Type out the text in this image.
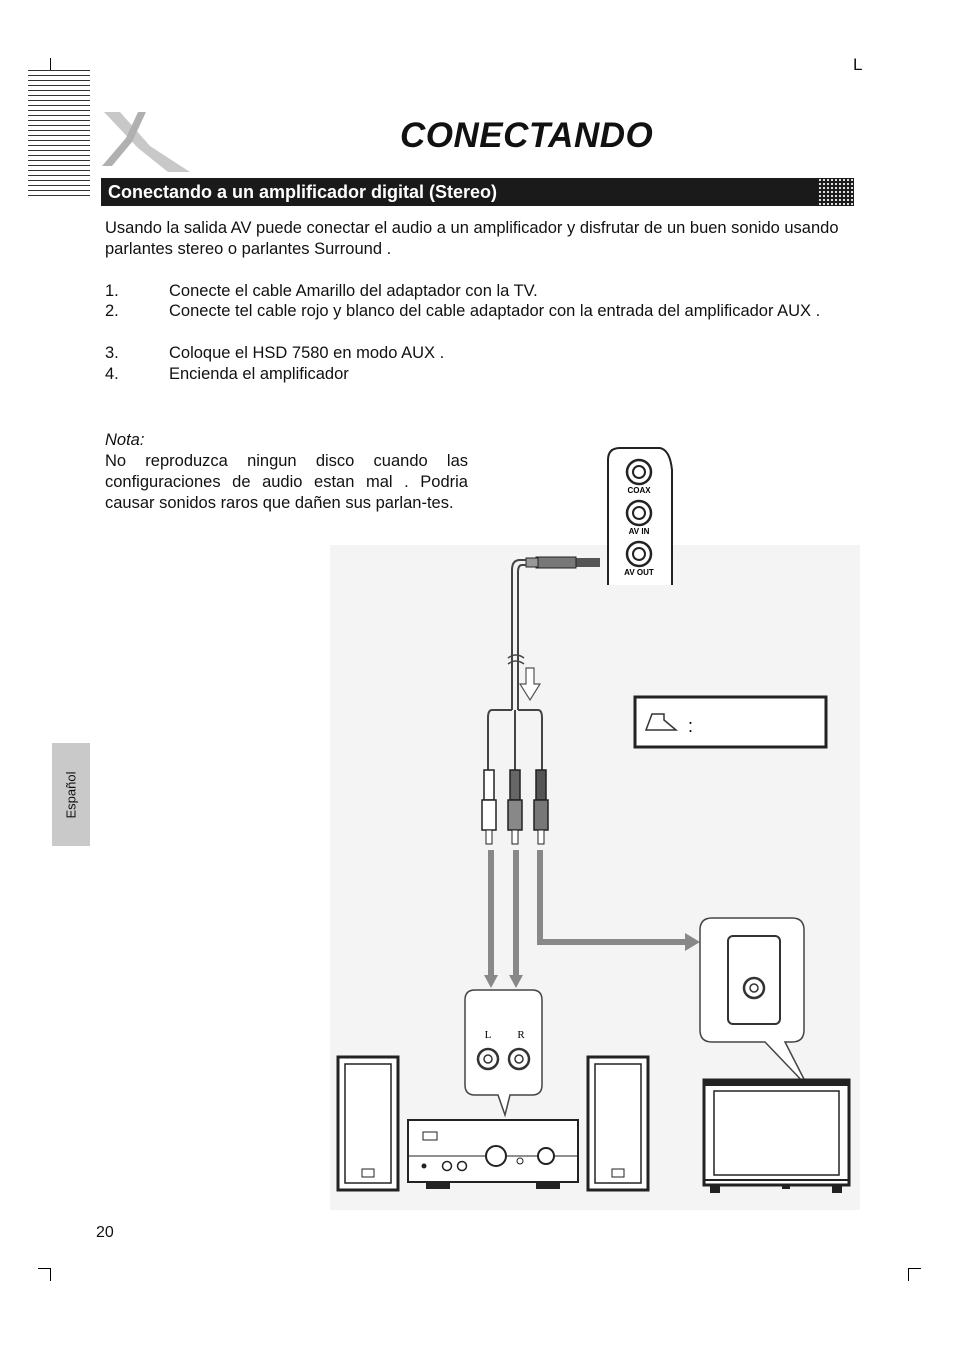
L
CONECTANDO
Conectando a un amplificador digital (Stereo)
Usando la salida AV puede conectar el audio a un amplificador y disfrutar de un buen sonido usando parlantes stereo o parlantes Surround .
1.	Conecte el cable Amarillo del adaptador con la TV.
2.	Conecte tel cable rojo y blanco del cable adaptador con la entrada del amplificador AUX .
3.	Coloque el HSD 7580 en modo AUX .
4.	Encienda el amplificador
Nota:
No reproduzca ningun disco cuando las configuraciones de audio estan mal . Podria causar sonidos raros que dañen sus parlan-tes.
Español
20
COAX
AV IN
AV OUT
:
L R
